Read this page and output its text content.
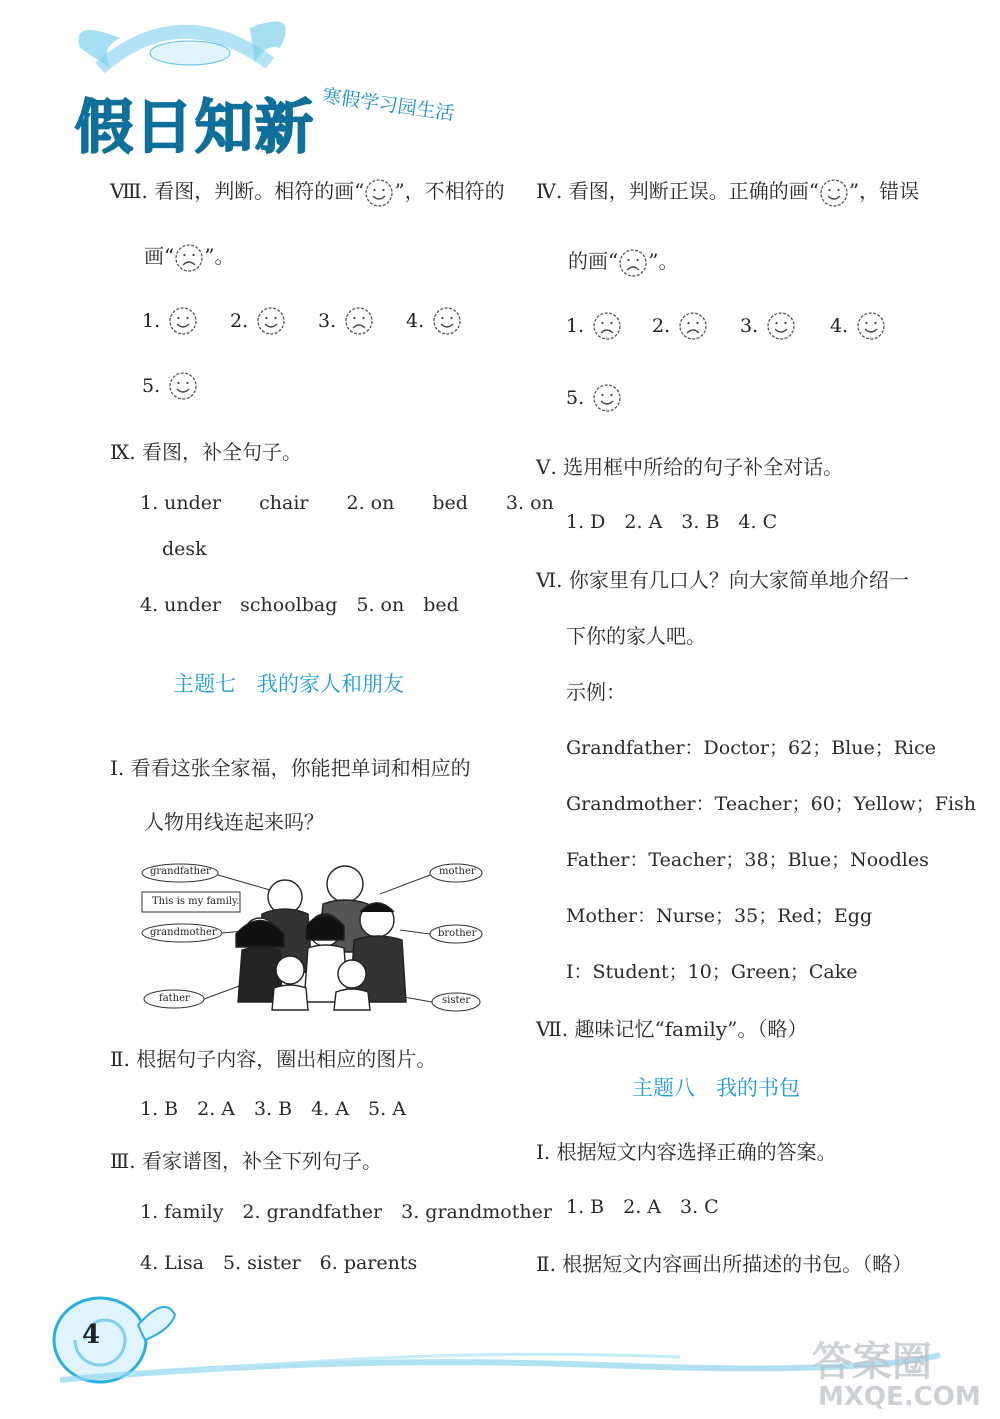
假日知新 寒假学习园生活
Ⅷ. 看图，判断。相符的画“ ”，不相符的
画“ ”。
1.	2.	3.	4.
5.
Ⅸ. 看图，补全句子。
1. under　　chair　　2. on　　bed　　3. on
desk
4. under　schoolbag　5. on　bed
主题七　我的家人和朋友
Ⅰ. 看看这张全家福，你能把单词和相应的
人物用线连起来吗？
grandfather
This is my family.
grandmother
father
mother
brother
sister
Ⅱ. 根据句子内容，圈出相应的图片。
1. B　2. A　3. B　4. A　5. A
Ⅲ. 看家谱图，补全下列句子。
1. family　2. grandfather　3. grandmother
4. Lisa　5. sister　6. parents
Ⅳ. 看图，判断正误。正确的画“ ”，错误
的画“ ”。
1.	2.	3.	4.
5.
Ⅴ. 选用框中所给的句子补全对话。
1. D　2. A　3. B　4. C
Ⅵ. 你家里有几口人？向大家简单地介绍一
下你的家人吧。
示例：
Grandfather：Doctor；62；Blue；Rice
Grandmother：Teacher；60；Yellow；Fish
Father：Teacher；38；Blue；Noodles
Mother：Nurse；35；Red；Egg
I：Student；10；Green；Cake
Ⅶ. 趣味记忆“family”。（略）
主题八　我的书包
Ⅰ. 根据短文内容选择正确的答案。
1. B　2. A　3. C
Ⅱ. 根据短文内容画出所描述的书包。（略）
4
答案圈
MXQE.COM
